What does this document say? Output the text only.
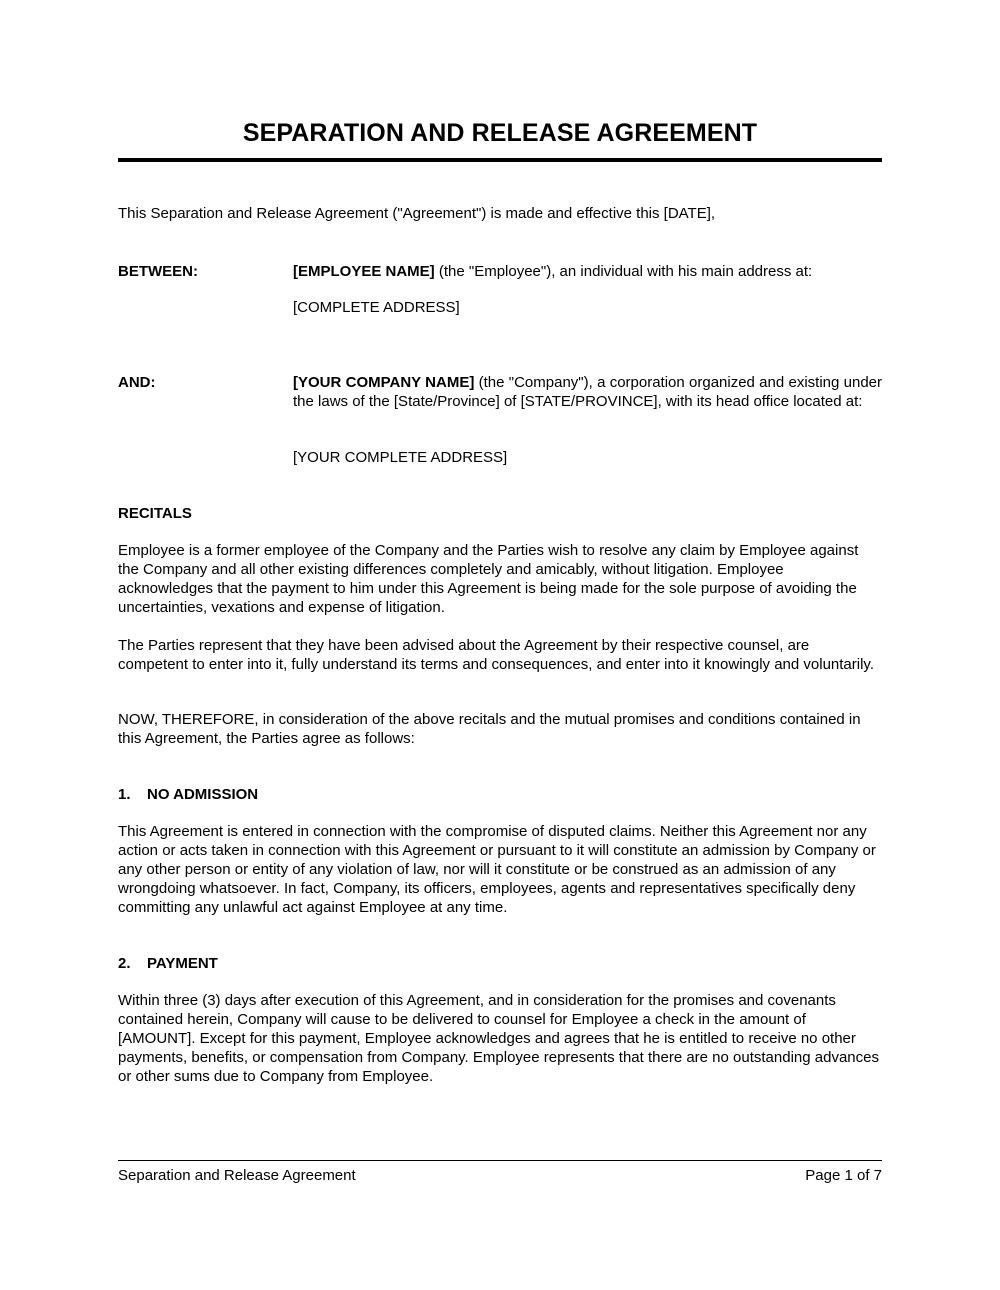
SEPARATION AND RELEASE AGREEMENT
This Separation and Release Agreement ("Agreement") is made and effective this [DATE],
BETWEEN:	[EMPLOYEE NAME] (the "Employee"), an individual with his main address at:
[COMPLETE ADDRESS]
AND:	[YOUR COMPANY NAME] (the "Company"), a corporation organized and existing under the laws of the [State/Province] of [STATE/PROVINCE], with its head office located at:
[YOUR COMPLETE ADDRESS]
RECITALS
Employee is a former employee of the Company and the Parties wish to resolve any claim by Employee against the Company and all other existing differences completely and amicably, without litigation. Employee acknowledges that the payment to him under this Agreement is being made for the sole purpose of avoiding the uncertainties, vexations and expense of litigation.
The Parties represent that they have been advised about the Agreement by their respective counsel, are competent to enter into it, fully understand its terms and consequences, and enter into it knowingly and voluntarily.
NOW, THEREFORE, in consideration of the above recitals and the mutual promises and conditions contained in this Agreement, the Parties agree as follows:
1. NO ADMISSION
This Agreement is entered in connection with the compromise of disputed claims. Neither this Agreement nor any action or acts taken in connection with this Agreement or pursuant to it will constitute an admission by Company or any other person or entity of any violation of law, nor will it constitute or be construed as an admission of any wrongdoing whatsoever. In fact, Company, its officers, employees, agents and representatives specifically deny committing any unlawful act against Employee at any time.
2. PAYMENT
Within three (3) days after execution of this Agreement, and in consideration for the promises and covenants contained herein, Company will cause to be delivered to counsel for Employee a check in the amount of [AMOUNT]. Except for this payment, Employee acknowledges and agrees that he is entitled to receive no other payments, benefits, or compensation from Company. Employee represents that there are no outstanding advances or other sums due to Company from Employee.
Separation and Release Agreement	Page 1 of 7
